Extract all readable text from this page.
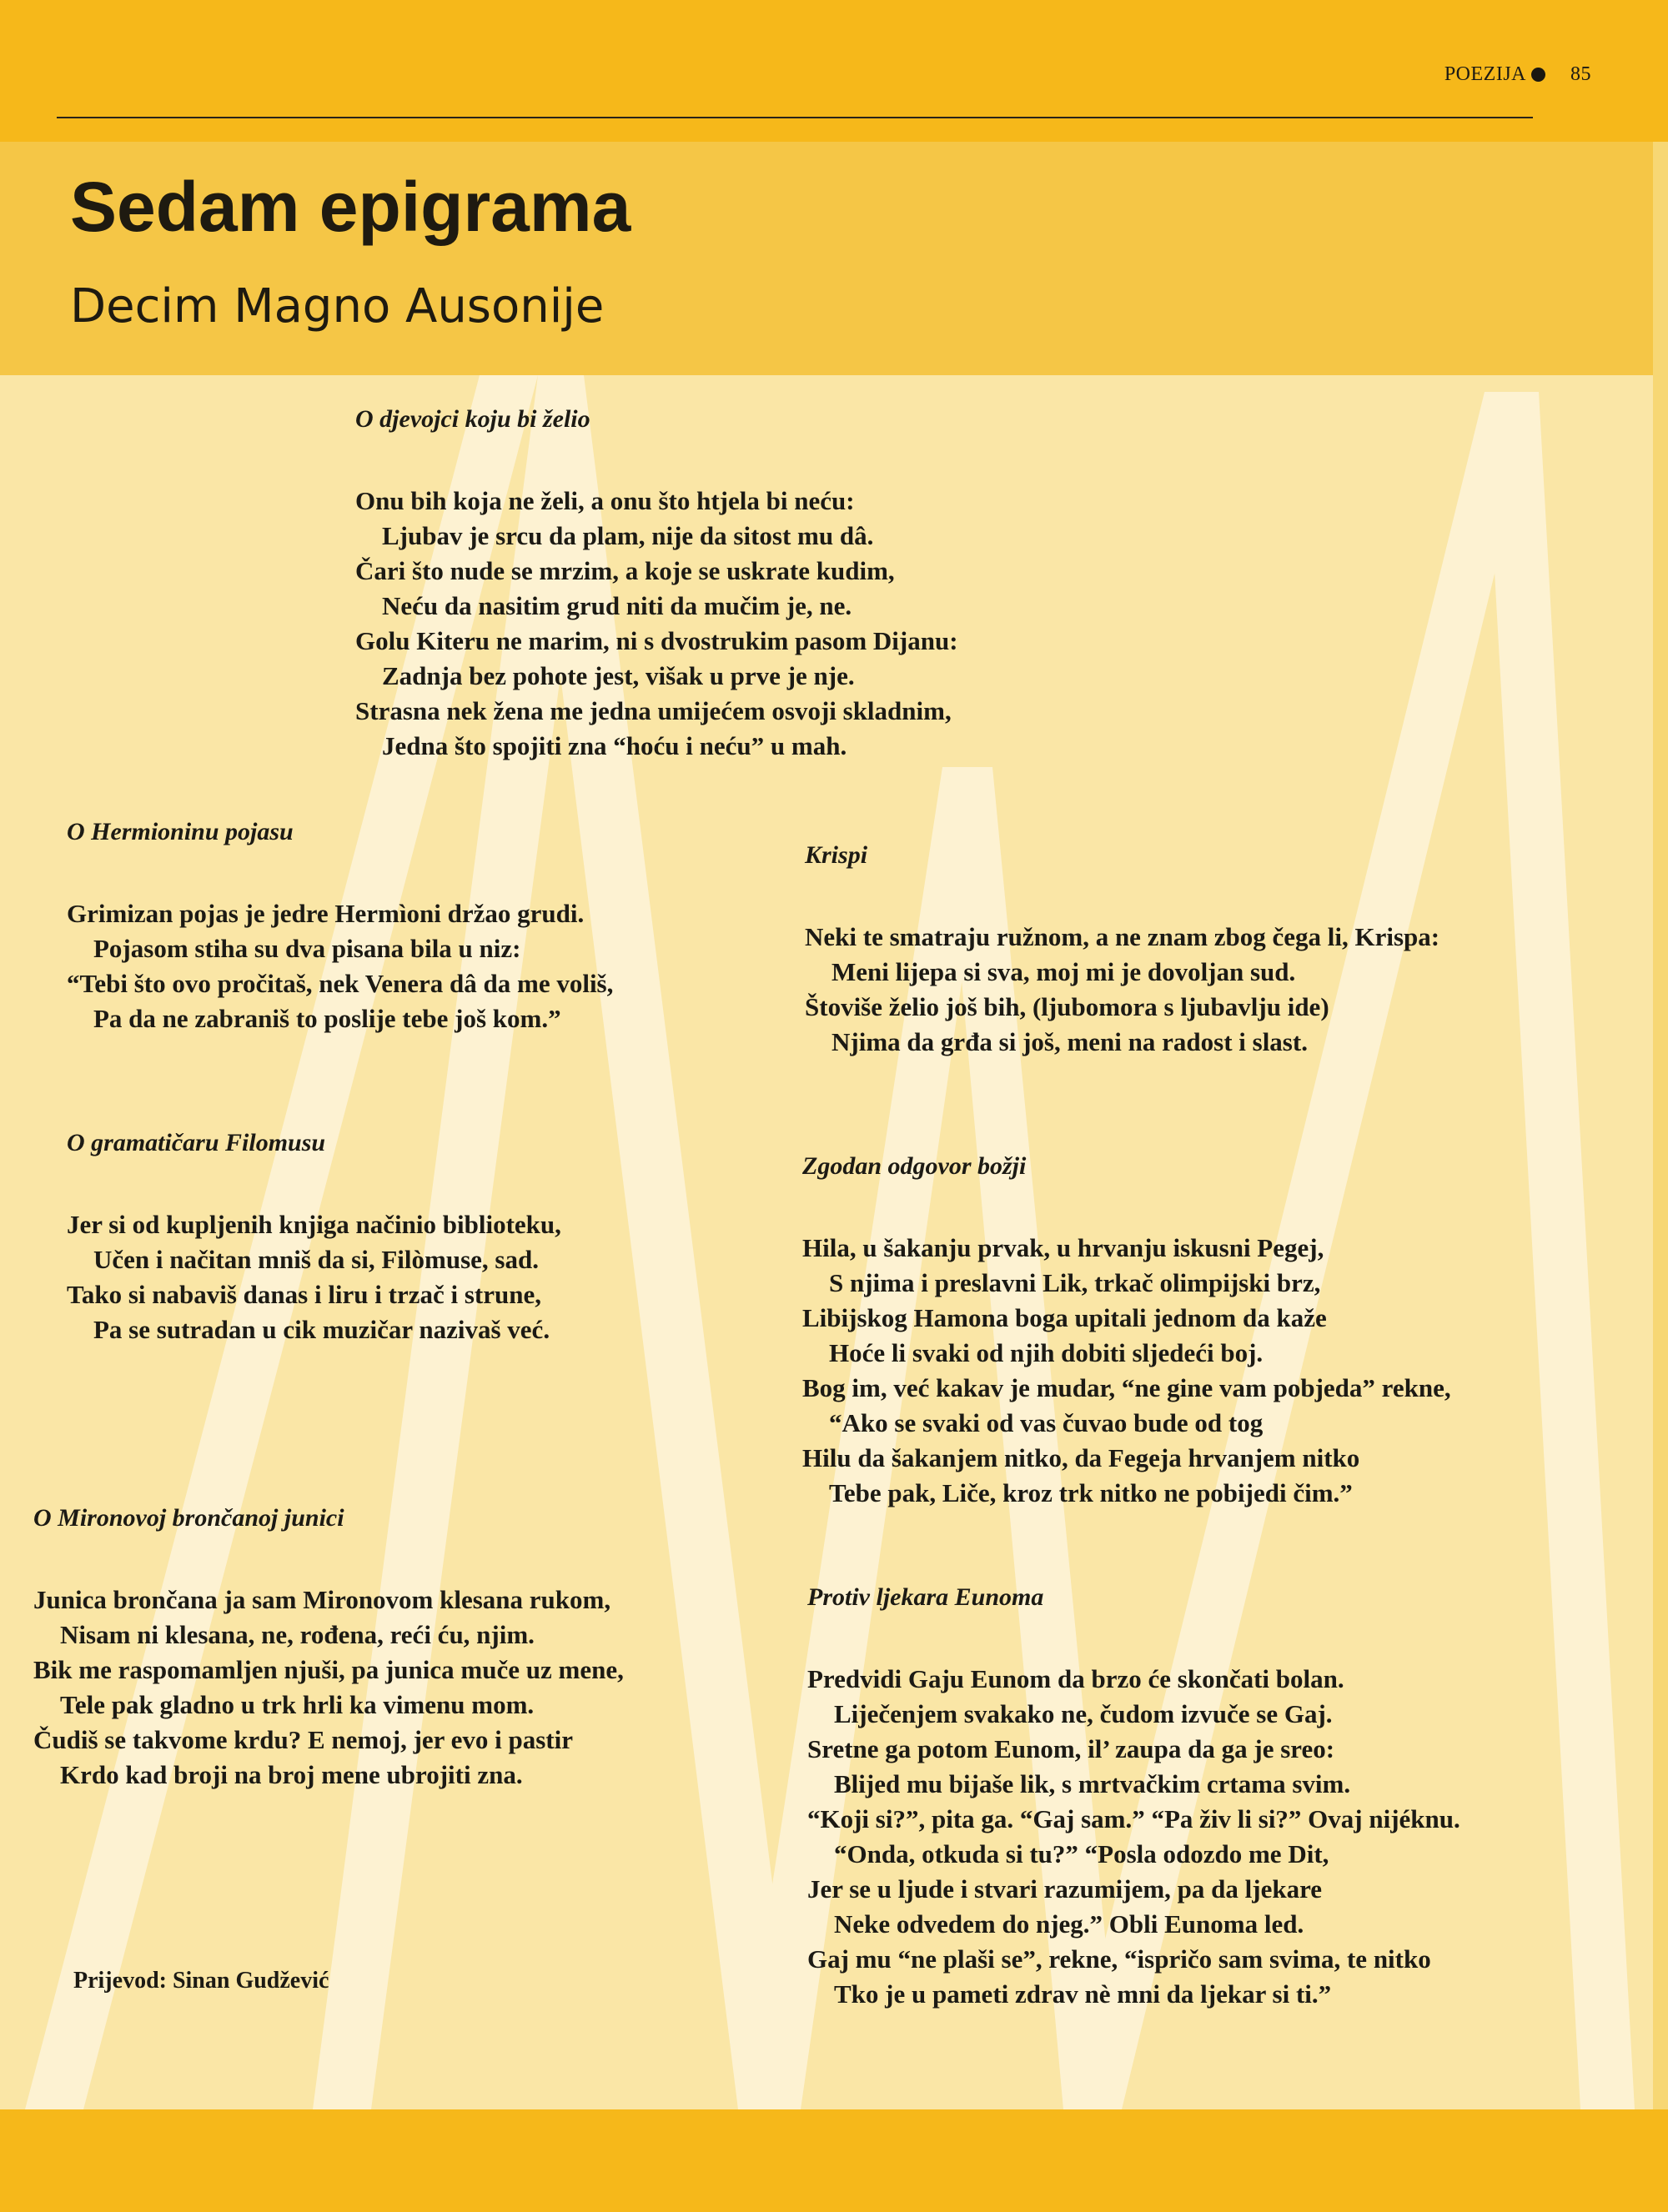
POEZIJA 85
Sedam epigrama
Decim Magno Ausonije
O djevojci koju bi želio
Onu bih koja ne želi, a onu što htjela bi neću:
Ljubav je srcu da plam, nije da sitost mu dâ.
Čari što nude se mrzim, a koje se uskrate kudim,
Neću da nasitim grud niti da mučim je, ne.
Golu Kiteru ne marim, ni s dvostrukim pasom Dijanu:
Zadnja bez pohote jest, višak u prve je nje.
Strasna nek žena me jedna umijećem osvoji skladnim,
Jedna što spojiti zna “hoću i neću” u mah.
O Hermioninu pojasu
Grimizan pojas je jedre Hermìoni držao grudi.
Pojasom stiha su dva pisana bila u niz:
“Tebi što ovo pročitaš, nek Venera dâ da me voliš,
Pa da ne zabraniš to poslije tebe još kom.”
Krispi
Neki te smatraju ružnom, a ne znam zbog čega li, Krispa:
Meni lijepa si sva, moj mi je dovoljan sud.
Štoviše želio još bih, (ljubomora s ljubavlju ide)
Njima da grđa si još, meni na radost i slast.
O gramatičaru Filomusu
Jer si od kupljenih knjiga načinio biblioteku,
Učen i načitan mniš da si, Filòmuse, sad.
Tako si nabaviš danas i liru i trzač i strune,
Pa se sutradan u cik muzičar nazivaš već.
Zgodan odgovor božji
Hila, u šakanju prvak, u hrvanju iskusni Pegej,
S njima i preslavni Lik, trkač olimpijski brz,
Libijskog Hamona boga upitali jednom da kaže
Hoće li svaki od njih dobiti sljedeći boj.
Bog im, već kakav je mudar, “ne gine vam pobjeda” rekne,
“Ako se svaki od vas čuvao bude od tog
Hilu da šakanjem nitko, da Fegeja hrvanjem nitko
Tebe pak, Liče, kroz trk nitko ne pobijedi čim.”
O Mironovoj brončanoj junici
Junica brončana ja sam Mironovom klesana rukom,
Nisam ni klesana, ne, rođena, reći ću, njim.
Bik me raspomamljen njuši, pa junica muče uz mene,
Tele pak gladno u trk hrli ka vimenu mom.
Čudiš se takvome krdu? E nemoj, jer evo i pastir
Krdo kad broji na broj mene ubrojiti zna.
Protiv ljekara Eunoma
Predvidi Gaju Eunom da brzo će skončati bolan.
Liječenjem svakako ne, čudom izvuče se Gaj.
Sretne ga potom Eunom, il’ zaupa da ga je sreo:
Blijed mu bijaše lik, s mrtvačkim crtama svim.
“Koji si?”, pita ga. “Gaj sam.” “Pa živ li si?” Ovaj nijéknu.
“Onda, otkuda si tu?” “Posla odozdo me Dit,
Jer se u ljude i stvari razumijem, pa da ljekare
Neke odvedem do njeg.” Obli Eunoma led.
Gaj mu “ne plaši se”, rekne, “ispričo sam svima, te nitko
Tko je u pameti zdrav nè mni da ljekar si ti.”
Prijevod: Sinan Gudžević
